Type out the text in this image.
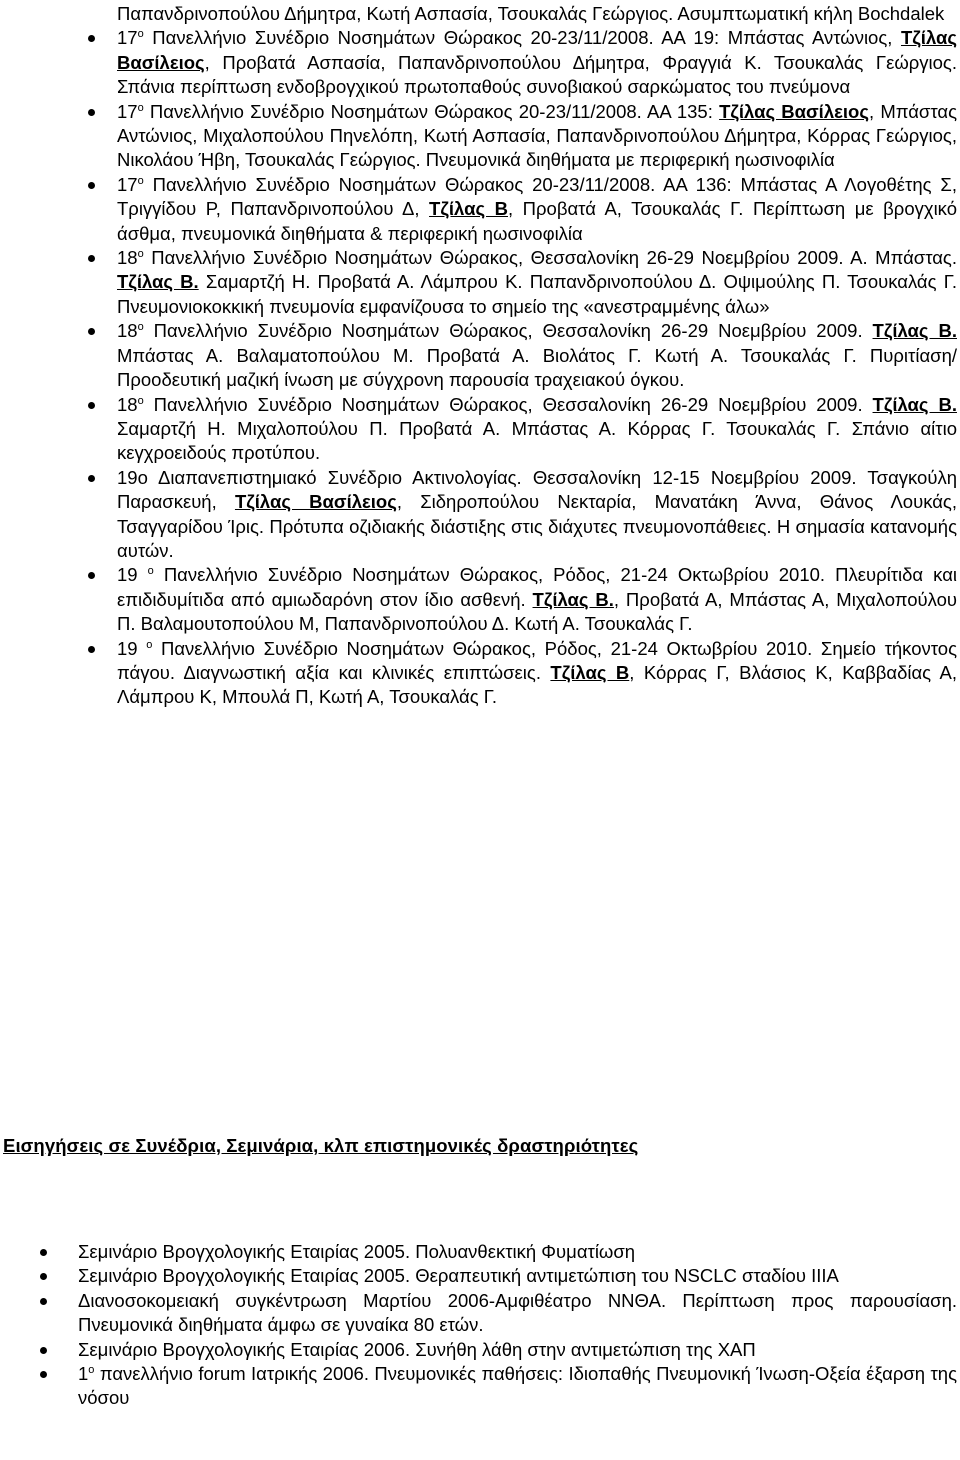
Παπανδρινοπούλου Δήμητρα, Κωτή Ασπασία, Τσουκαλάς Γεώργιος. Ασυμπτωματική κήλη Bochdalek
$17^o$ Πανελλήνιο Συνέδριο Νοσημάτων Θώρακος 20-23/11/2008. ΑΑ 19: Μπάστας Αντώνιος, Τζίλας Βασίλειος, Προβατά Ασπασία, Παπανδρινοπούλου Δήμητρα, Φραγγιά Κ. Τσουκαλάς Γεώργιος. Σπάνια περίπτωση ενδοβρογχικού πρωτοπαθούς συνοβιακού σαρκώματος του πνεύμονα
$17^o$ Πανελλήνιο Συνέδριο Νοσημάτων Θώρακος 20-23/11/2008. ΑΑ 135: Τζίλας Βασίλειος, Μπάστας Αντώνιος, Μιχαλοπούλου Πηνελόπη, Κωτή Ασπασία, Παπανδρινοπούλου Δήμητρα, Κόρρας Γεώργιος, Νικολάου Ήβη, Τσουκαλάς Γεώργιος. Πνευμονικά διηθήματα με περιφερική ηωσινοφιλία
$17^o$ Πανελλήνιο Συνέδριο Νοσημάτων Θώρακος 20-23/11/2008. ΑΑ 136: Μπάστας Α Λογοθέτης Σ, Τριγγίδου Ρ, Παπανδρινοπούλου Δ, Τζίλας Β, Προβατά Α, Τσουκαλάς Γ. Περίπτωση με βρογχικό άσθμα, πνευμονικά διηθήματα & περιφερική ηωσινοφιλία
$18^o$ Πανελλήνιο Συνέδριο Νοσημάτων Θώρακος, Θεσσαλονίκη 26-29 Νοεμβρίου 2009. Α. Μπάστας. Τζίλας Β. Σαμαρτζή Η. Προβατά Α. Λάμπρου Κ. Παπανδρινοπούλου Δ. Οψιμούλης Π. Τσουκαλάς Γ. Πνευμονιοκοκκική πνευμονία εμφανίζουσα το σημείο της «ανεστραμμένης άλω»
$18^o$ Πανελλήνιο Συνέδριο Νοσημάτων Θώρακος, Θεσσαλονίκη 26-29 Νοεμβρίου 2009. Τζίλας Β. Μπάστας Α. Βαλαματοπούλου Μ. Προβατά Α. Βιολάτος Γ. Κωτή Α. Τσουκαλάς Γ. Πυριτίαση/Προοδευτική μαζική ίνωση με σύγχρονη παρουσία τραχειακού όγκου.
$18^o$ Πανελλήνιο Συνέδριο Νοσημάτων Θώρακος, Θεσσαλονίκη 26-29 Νοεμβρίου 2009. Τζίλας Β. Σαμαρτζή Η. Μιχαλοπούλου Π. Προβατά Α. Μπάστας Α. Κόρρας Γ. Τσουκαλάς Γ. Σπάνιο αίτιο κεγχροειδούς προτύπου.
19ο Διαπανεπιστημιακό Συνέδριο Ακτινολογίας. Θεσσαλονίκη 12-15 Νοεμβρίου 2009. Τσαγκούλη Παρασκευή, Τζίλας Βασίλειος, Σιδηροπούλου Νεκταρία, Μανατάκη Άννα, Θάνος Λουκάς, Τσαγγαρίδου Ίρις. Πρότυπα οζιδιακής διάστιξης στις διάχυτες πνευμονοπάθειες. Η σημασία κατανομής αυτών.
19 $^o$ Πανελλήνιο Συνέδριο Νοσημάτων Θώρακος, Ρόδος, 21-24 Οκτωβρίου 2010. Πλευρίτιδα και επιδιδυμίτιδα από αμιωδαρόνη στον ίδιο ασθενή. Τζίλας Β., Προβατά Α, Μπάστας Α, Μιχαλοπούλου Π. Βαλαμουτοπούλου Μ, Παπανδρινοπούλου Δ. Κωτή Α. Τσουκαλάς Γ.
19 $^o$ Πανελλήνιο Συνέδριο Νοσημάτων Θώρακος, Ρόδος, 21-24 Οκτωβρίου 2010. Σημείο τήκοντος πάγου. Διαγνωστική αξία και κλινικές επιπτώσεις. Τζίλας Β, Κόρρας Γ, Βλάσιος Κ, Καββαδίας Α, Λάμπρου Κ, Μπουλά Π, Κωτή Α, Τσουκαλάς Γ.
Εισηγήσεις σε Συνέδρια, Σεμινάρια, κλπ επιστημονικές δραστηριότητες
Σεμινάριο Βρογχολογικής Εταιρίας 2005. Πολυανθεκτική Φυματίωση
Σεμινάριο Βρογχολογικής Εταιρίας 2005. Θεραπευτική αντιμετώπιση του NSCLC σταδίου ΙΙΙΑ
Διανοσοκομειακή συγκέντρωση Μαρτίου 2006-Αμφιθέατρο ΝΝΘΑ. Περίπτωση προς παρουσίαση. Πνευμονικά διηθήματα άμφω σε γυναίκα 80 ετών.
Σεμινάριο Βρογχολογικής Εταιρίας 2006. Συνήθη λάθη στην αντιμετώπιση της ΧΑΠ
$1^o$ πανελλήνιο forum Ιατρικής 2006. Πνευμονικές παθήσεις: Ιδιοπαθής Πνευμονική Ίνωση-Οξεία έξαρση της νόσου
